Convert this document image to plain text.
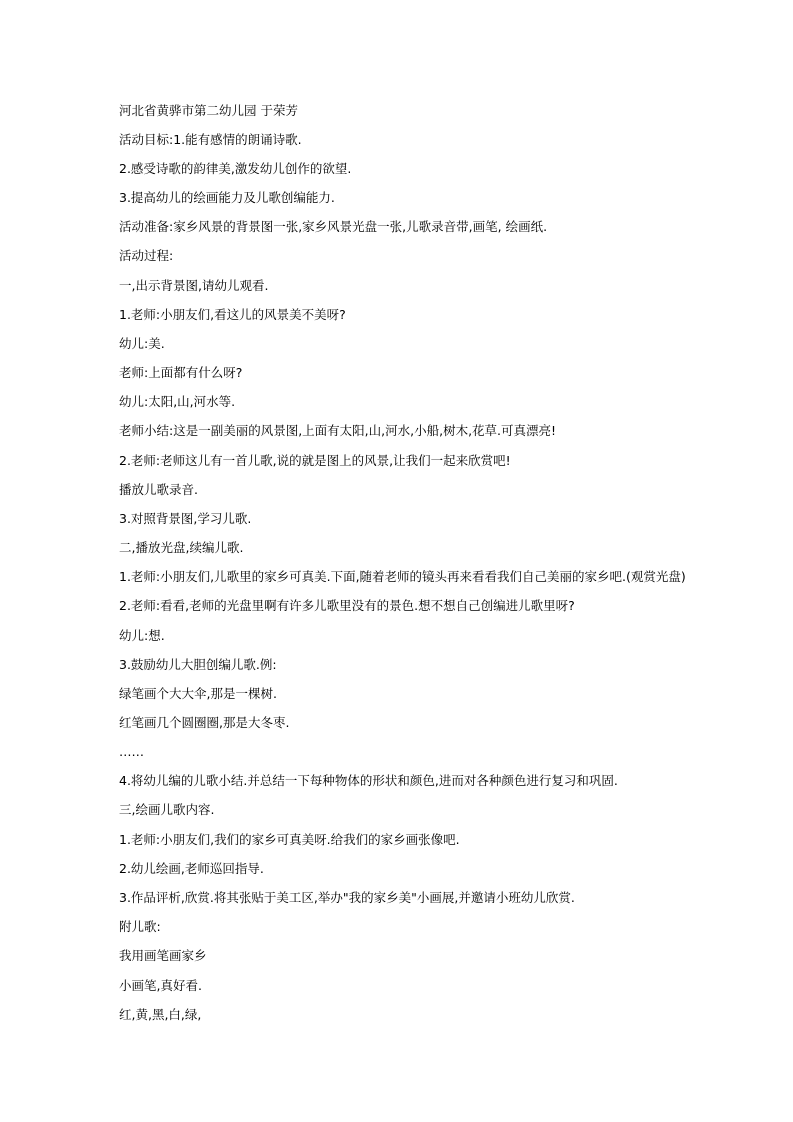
河北省黄骅市第二幼儿园 于荣芳
活动目标:1.能有感情的朗诵诗歌.
2.感受诗歌的韵律美,激发幼儿创作的欲望.
3.提高幼儿的绘画能力及儿歌创编能力.
活动准备:家乡风景的背景图一张,家乡风景光盘一张,儿歌录音带,画笔, 绘画纸.
活动过程:
一,出示背景图,请幼儿观看.
1.老师:小朋友们,看这儿的风景美不美呀?
幼儿:美.
老师:上面都有什么呀?
幼儿:太阳,山,河水等.
老师小结:这是一副美丽的风景图,上面有太阳,山,河水,小船,树木,花草.可真漂亮!
2.老师:老师这儿有一首儿歌,说的就是图上的风景,让我们一起来欣赏吧!
播放儿歌录音.
3.对照背景图,学习儿歌.
二,播放光盘,续编儿歌.
1.老师:小朋友们,儿歌里的家乡可真美.下面,随着老师的镜头再来看看我们自己美丽的家乡吧.(观赏光盘)
2.老师:看看,老师的光盘里啊有许多儿歌里没有的景色.想不想自己创编进儿歌里呀?
幼儿:想.
3.鼓励幼儿大胆创编儿歌.例:
绿笔画个大大伞,那是一棵树.
红笔画几个圆圈圈,那是大冬枣.
……
4.将幼儿编的儿歌小结.并总结一下每种物体的形状和颜色,进而对各种颜色进行复习和巩固.
三,绘画儿歌内容.
1.老师:小朋友们,我们的家乡可真美呀.给我们的家乡画张像吧.
2.幼儿绘画,老师巡回指导.
3.作品评析,欣赏.将其张贴于美工区,举办"我的家乡美"小画展,并邀请小班幼儿欣赏.
附儿歌:
我用画笔画家乡
小画笔,真好看.
红,黄,黑,白,绿,
